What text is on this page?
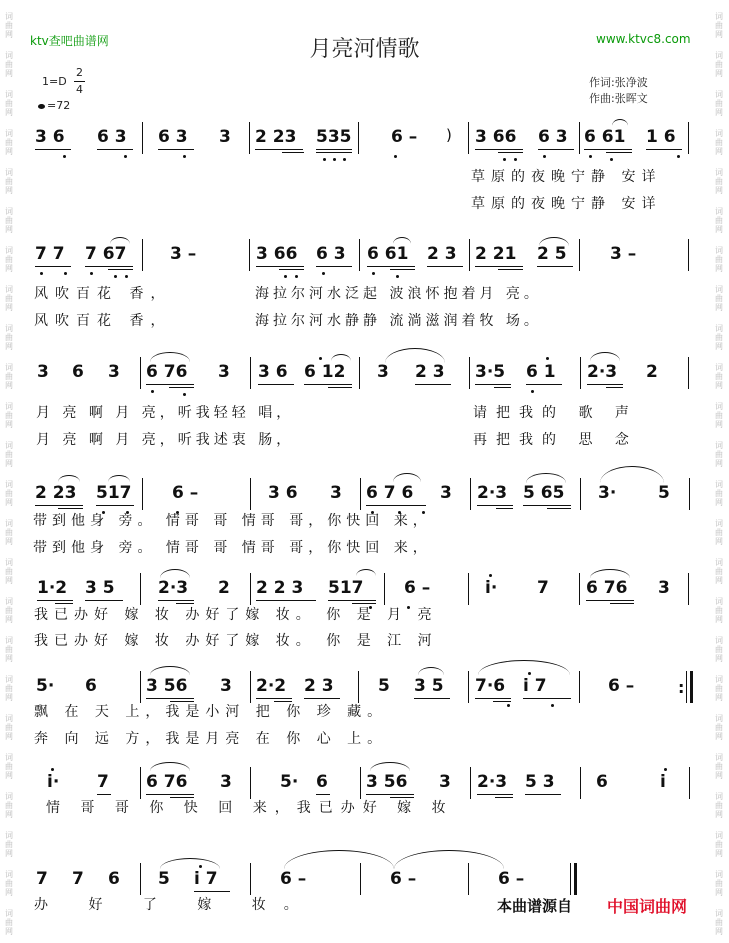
词
曲
网
词
曲
网
词
曲
网
词
曲
网
词
曲
网
词
曲
网
词
曲
网
词
曲
网
词
曲
网
词
曲
网
词
曲
网
词
曲
网
词
曲
网
词
曲
网
词
曲
网
词
曲
网
词
曲
网
词
曲
网
词
曲
网
词
曲
网
词
曲
网
词
曲
网
词
曲
网
词
曲
网
词
曲
网
词
曲
网
词
曲
网
词
曲
网
词
曲
网
词
曲
网
词
曲
网
词
曲
网
词
曲
网
词
曲
网
词
曲
网
词
曲
网
词
曲
网
词
曲
网
词
曲
网
词
曲
网
词
曲
网
词
曲
网
词
曲
网
词
曲
网
词
曲
网
词
曲
网
词
曲
网
词
曲
网
ktv查吧曲谱网	月亮河情歌	www.ktvc8.com
1=D
2
4
=72
作词:张净波
作曲:张晖文
3 6 6 3 6 3 3 2 23 535 6 – ) 3 66 6 3 6 61 1 6
草原的夜晚宁静 安详
草原的夜晚宁静 安详
7 7 7 67	3 –	3 66 6 3 6 61 2 3 2 21 2 5	3 –
风吹百花 香，	海拉尔河水泛起 波浪怀抱着月 亮。
风吹百花 香，	海拉尔河水静静 流淌滋润着牧 场。
3 6 3 6 76 3 3 6 6 12 3 2 3 3·5 6 1 2·3 2
月 亮 啊 月 亮，听我轻轻 唱，	请把我的 歌 声
月 亮 啊 月 亮，听我述衷 肠，	再把我的 思 念
2 23 517 6 –	3 6 3 6 7 6 3 2·3 5 65 3· 5
带到他身 旁。 情哥 哥 情哥 哥，你快回 来，
带到他身 旁。 情哥 哥 情哥 哥，你快回 来，
1·2 3 5	2·3 2 2 2 3 517 6 –	i· 7 6 76 3
我已办好 嫁 妆 办好了嫁 妆。 你 是 月 亮
我已办好 嫁 妆 办好了嫁 妆。 你 是 江 河
5· 6	3 56 3 2·2 2 3	5 3 5 7·6 i 7	6 –	:
飘 在 天 上，我是小河 把 你 珍 藏。
奔 向 远 方，我是月亮 在 你 心 上。
i· 7 6 76 3	5· 6 3 56 3 2·3 5 3 6	i
情 哥 哥 你 快 回 来，我已办好 嫁 妆
7 7 6 5 i 7	6 –	6 –	6 –
办 好 了 嫁 妆。	本曲谱源自 中国词曲网
